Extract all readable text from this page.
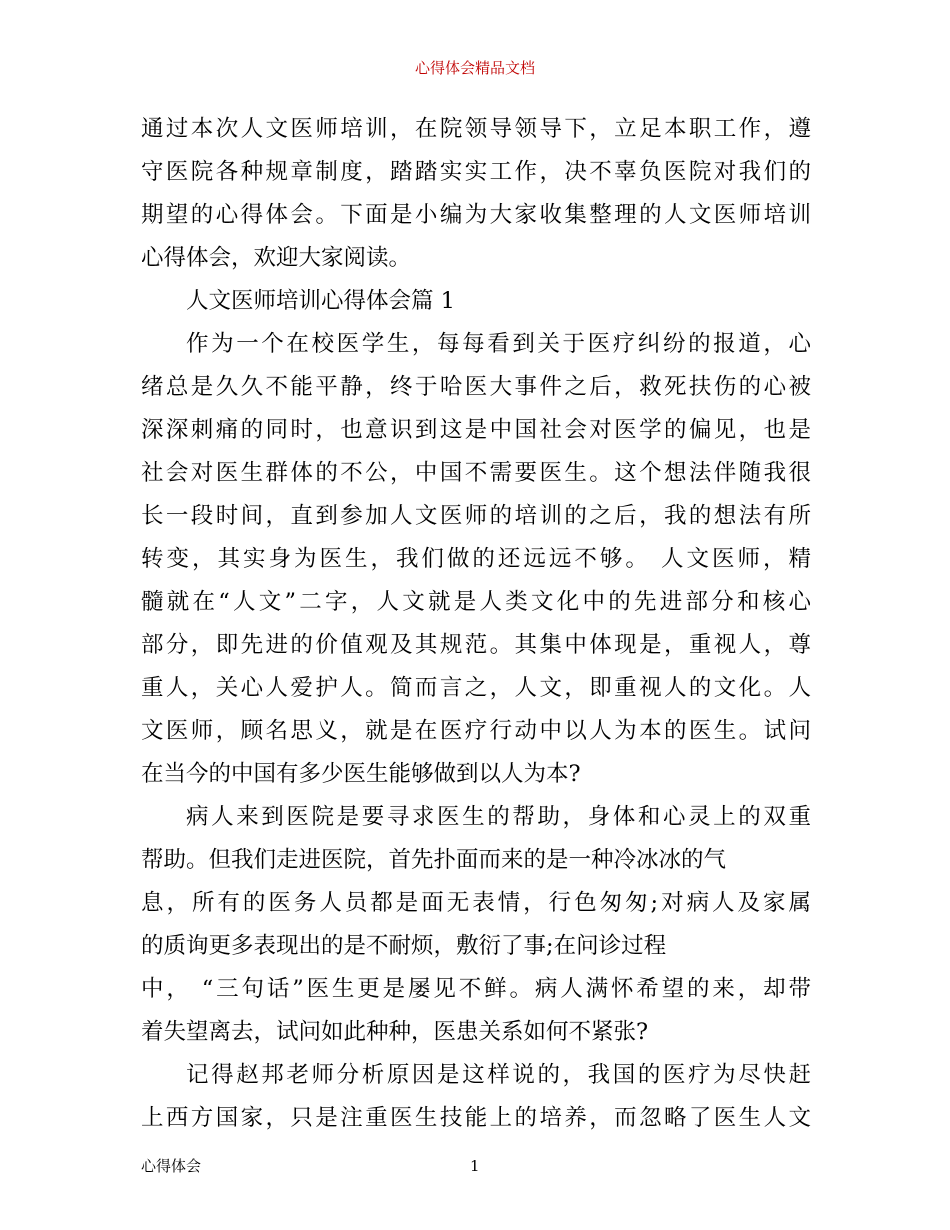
心得体会精品文档
通过本次人文医师培训，在院领导领导下，立足本职工作，遵
守医院各种规章制度，踏踏实实工作，决不辜负医院对我们的
期望的心得体会。下面是小编为大家收集整理的人文医师培训
心得体会，欢迎大家阅读。
人文医师培训心得体会篇 1
作为一个在校医学生，每每看到关于医疗纠纷的报道，心
绪总是久久不能平静，终于哈医大事件之后，救死扶伤的心被
深深刺痛的同时，也意识到这是中国社会对医学的偏见，也是
社会对医生群体的不公，中国不需要医生。这个想法伴随我很
长一段时间，直到参加人文医师的培训的之后，我的想法有所
转变，其实身为医生，我们做的还远远不够。 人文医师，精
髓就在“人文”二字，人文就是人类文化中的先进部分和核心
部分，即先进的价值观及其规范。其集中体现是，重视人，尊
重人，关心人爱护人。简而言之，人文，即重视人的文化。人
文医师，顾名思义，就是在医疗行动中以人为本的医生。试问
在当今的中国有多少医生能够做到以人为本?
病人来到医院是要寻求医生的帮助，身体和心灵上的双重
帮助。但我们走进医院，首先扑面而来的是一种冷冰冰的气
息，所有的医务人员都是面无表情，行色匆匆;对病人及家属
的质询更多表现出的是不耐烦，敷衍了事;在问诊过程
中， “三句话”医生更是屡见不鲜。病人满怀希望的来，却带
着失望离去，试问如此种种，医患关系如何不紧张?
记得赵邦老师分析原因是这样说的，我国的医疗为尽快赶
上西方国家，只是注重医生技能上的培养，而忽略了医生人文
心得体会	1
